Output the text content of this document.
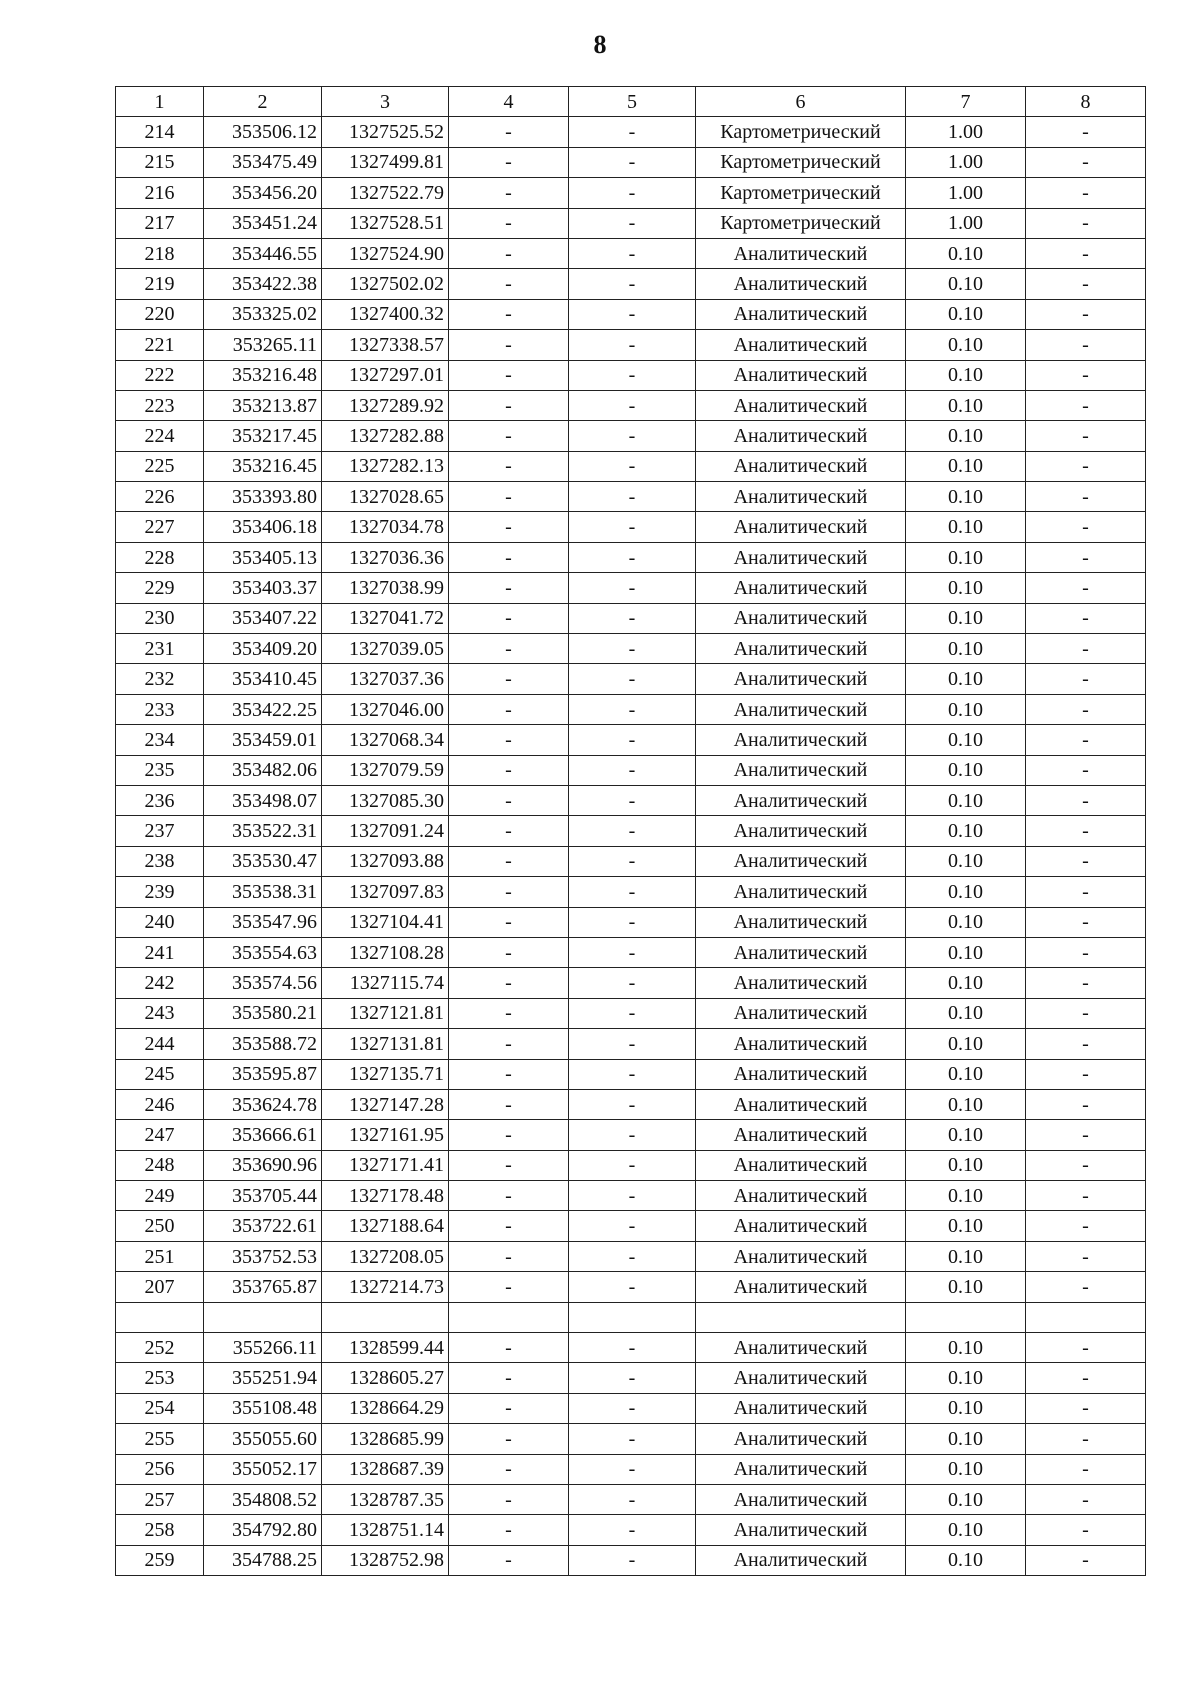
8
1	2	3	4	5	6	7	8
214	353506.12	1327525.52	-	-	Картометрический	1.00	-
215	353475.49	1327499.81	-	-	Картометрический	1.00	-
216	353456.20	1327522.79	-	-	Картометрический	1.00	-
217	353451.24	1327528.51	-	-	Картометрический	1.00	-
218	353446.55	1327524.90	-	-	Аналитический	0.10	-
219	353422.38	1327502.02	-	-	Аналитический	0.10	-
220	353325.02	1327400.32	-	-	Аналитический	0.10	-
221	353265.11	1327338.57	-	-	Аналитический	0.10	-
222	353216.48	1327297.01	-	-	Аналитический	0.10	-
223	353213.87	1327289.92	-	-	Аналитический	0.10	-
224	353217.45	1327282.88	-	-	Аналитический	0.10	-
225	353216.45	1327282.13	-	-	Аналитический	0.10	-
226	353393.80	1327028.65	-	-	Аналитический	0.10	-
227	353406.18	1327034.78	-	-	Аналитический	0.10	-
228	353405.13	1327036.36	-	-	Аналитический	0.10	-
229	353403.37	1327038.99	-	-	Аналитический	0.10	-
230	353407.22	1327041.72	-	-	Аналитический	0.10	-
231	353409.20	1327039.05	-	-	Аналитический	0.10	-
232	353410.45	1327037.36	-	-	Аналитический	0.10	-
233	353422.25	1327046.00	-	-	Аналитический	0.10	-
234	353459.01	1327068.34	-	-	Аналитический	0.10	-
235	353482.06	1327079.59	-	-	Аналитический	0.10	-
236	353498.07	1327085.30	-	-	Аналитический	0.10	-
237	353522.31	1327091.24	-	-	Аналитический	0.10	-
238	353530.47	1327093.88	-	-	Аналитический	0.10	-
239	353538.31	1327097.83	-	-	Аналитический	0.10	-
240	353547.96	1327104.41	-	-	Аналитический	0.10	-
241	353554.63	1327108.28	-	-	Аналитический	0.10	-
242	353574.56	1327115.74	-	-	Аналитический	0.10	-
243	353580.21	1327121.81	-	-	Аналитический	0.10	-
244	353588.72	1327131.81	-	-	Аналитический	0.10	-
245	353595.87	1327135.71	-	-	Аналитический	0.10	-
246	353624.78	1327147.28	-	-	Аналитический	0.10	-
247	353666.61	1327161.95	-	-	Аналитический	0.10	-
248	353690.96	1327171.41	-	-	Аналитический	0.10	-
249	353705.44	1327178.48	-	-	Аналитический	0.10	-
250	353722.61	1327188.64	-	-	Аналитический	0.10	-
251	353752.53	1327208.05	-	-	Аналитический	0.10	-
207	353765.87	1327214.73	-	-	Аналитический	0.10	-

252	355266.11	1328599.44	-	-	Аналитический	0.10	-
253	355251.94	1328605.27	-	-	Аналитический	0.10	-
254	355108.48	1328664.29	-	-	Аналитический	0.10	-
255	355055.60	1328685.99	-	-	Аналитический	0.10	-
256	355052.17	1328687.39	-	-	Аналитический	0.10	-
257	354808.52	1328787.35	-	-	Аналитический	0.10	-
258	354792.80	1328751.14	-	-	Аналитический	0.10	-
259	354788.25	1328752.98	-	-	Аналитический	0.10	-
